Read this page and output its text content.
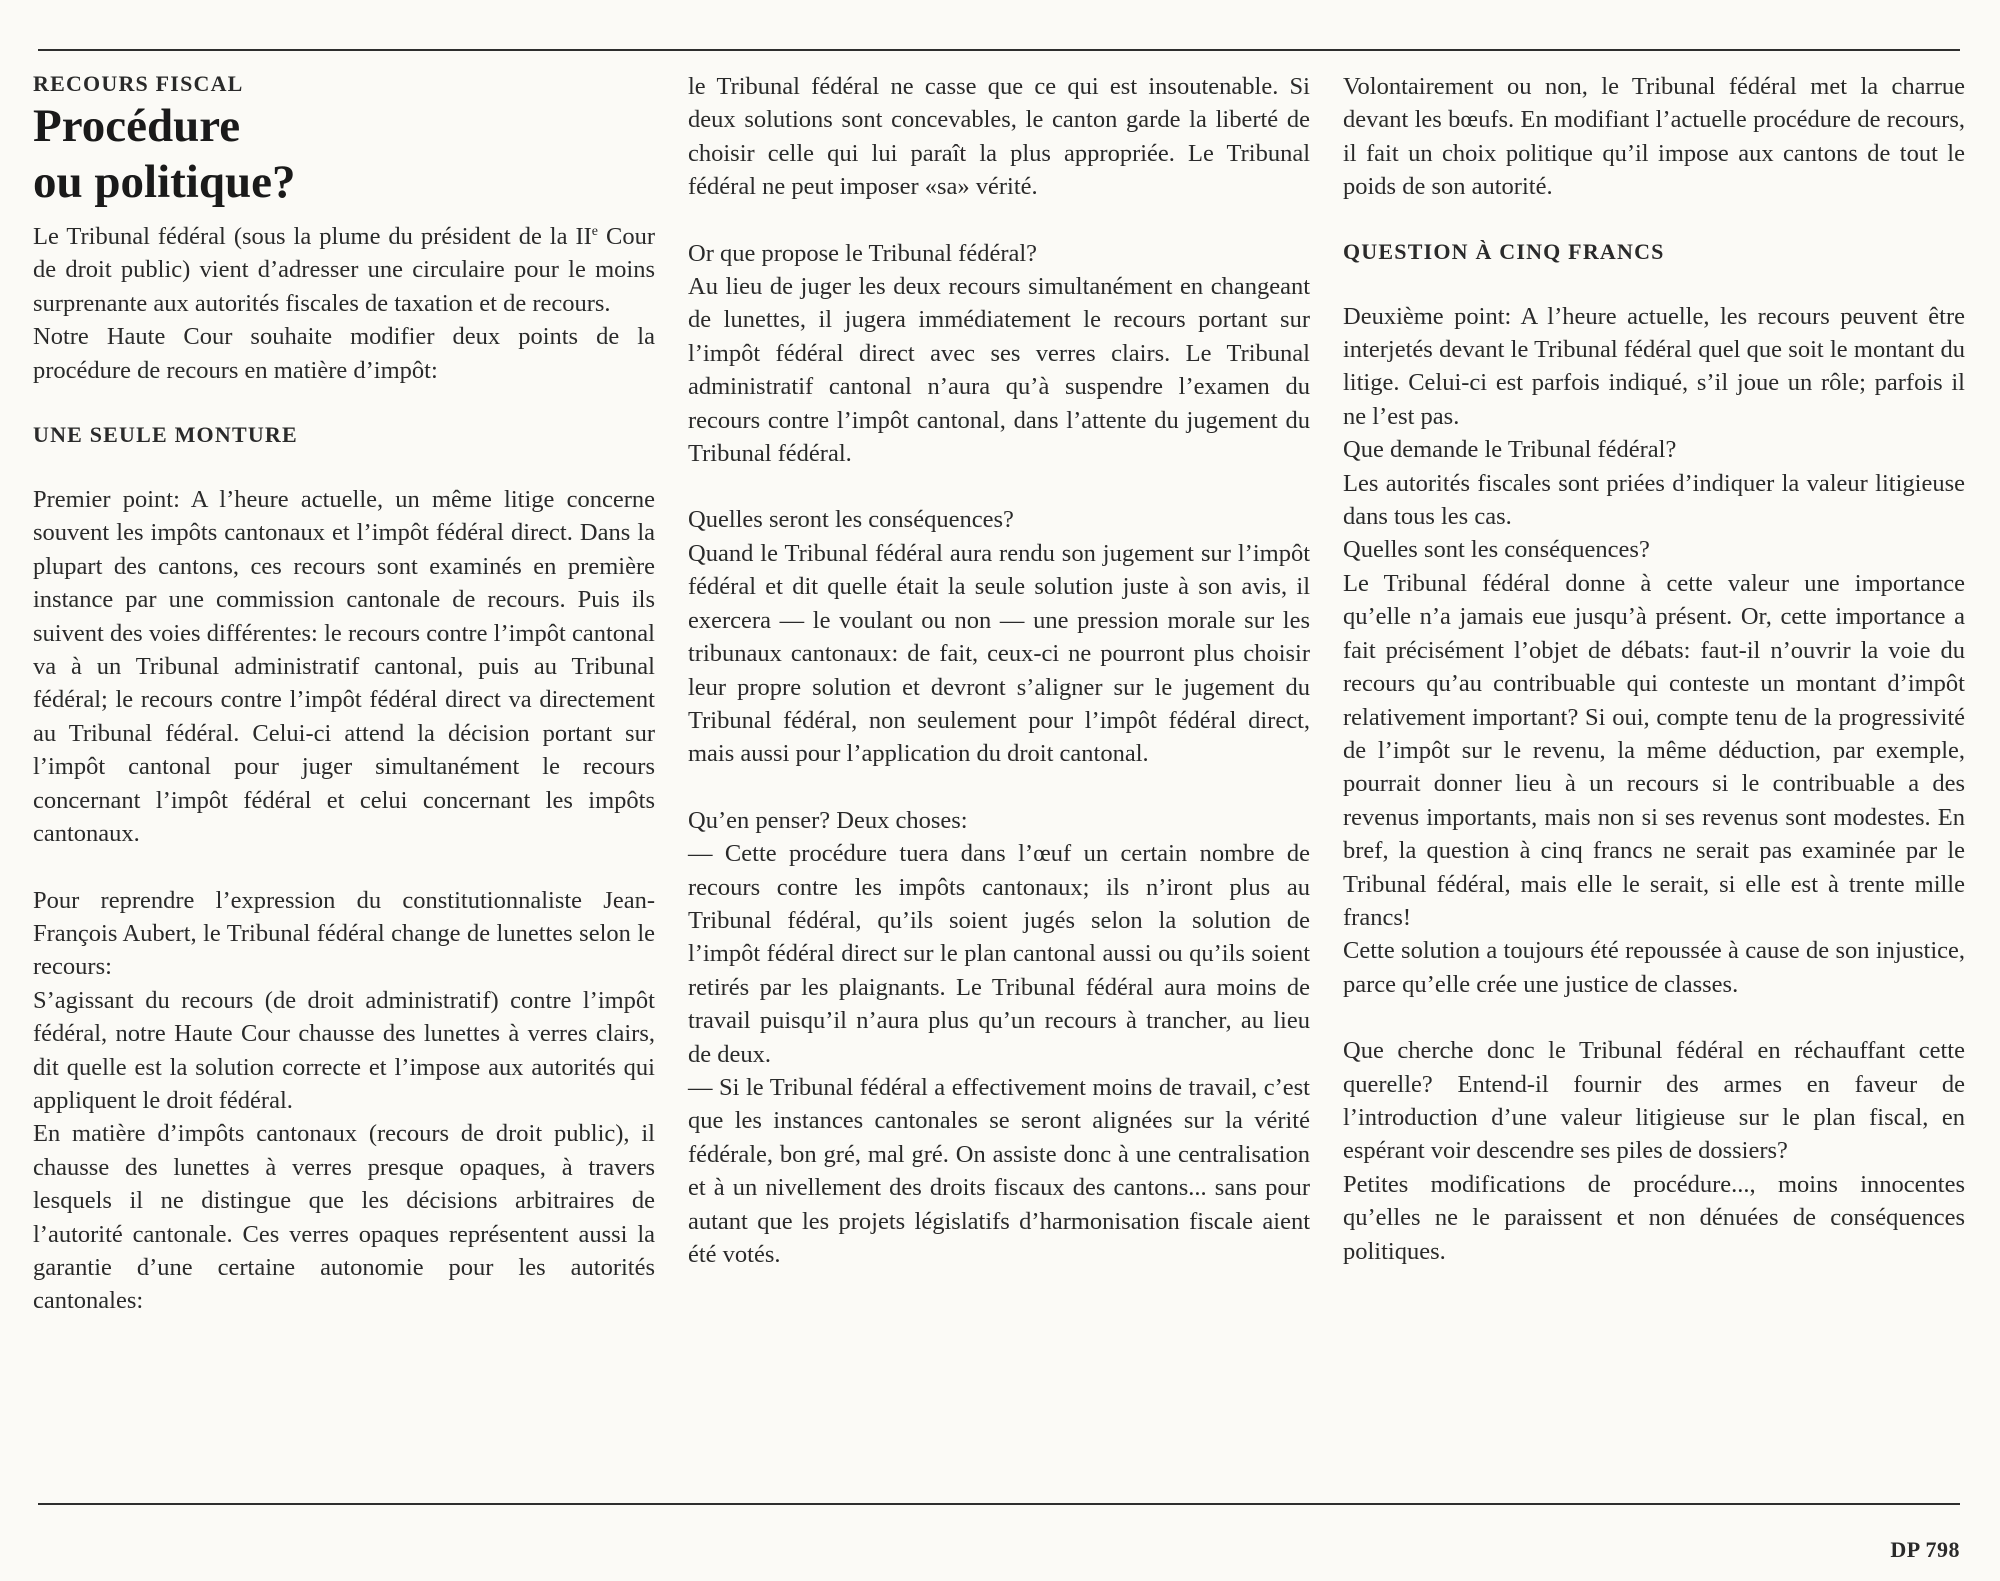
RECOURS FISCAL

Procédure
ou politique?

Le Tribunal fédéral (sous la plume du président de la IIe Cour de droit public) vient d’adresser une circulaire pour le moins surprenante aux autorités fiscales de taxation et de recours.

Notre Haute Cour souhaite modifier deux points de la procédure de recours en matière d’impôt:

UNE SEULE MONTURE

Premier point: A l’heure actuelle, un même litige concerne souvent les impôts cantonaux et l’impôt fédéral direct. Dans la plupart des cantons, ces recours sont examinés en première instance par une commission cantonale de recours. Puis ils suivent des voies différentes: le recours contre l’impôt cantonal va à un Tribunal administratif cantonal, puis au Tribunal fédéral; le recours contre l’impôt fédéral direct va directement au Tribunal fédéral. Celui-ci attend la décision portant sur l’impôt cantonal pour juger simultanément le recours concernant l’impôt fédéral et celui concernant les impôts cantonaux.

Pour reprendre l’expression du constitutionnaliste Jean-François Aubert, le Tribunal fédéral change de lunettes selon le recours:

S’agissant du recours (de droit administratif) contre l’impôt fédéral, notre Haute Cour chausse des lunettes à verres clairs, dit quelle est la solution correcte et l’impose aux autorités qui appliquent le droit fédéral.

En matière d’impôts cantonaux (recours de droit public), il chausse des lunettes à verres presque opaques, à travers lesquels il ne distingue que les décisions arbitraires de l’autorité cantonale. Ces verres opaques représentent aussi la garantie d’une certaine autonomie pour les autorités cantonales:

le Tribunal fédéral ne casse que ce qui est insoutenable. Si deux solutions sont concevables, le canton garde la liberté de choisir celle qui lui paraît la plus appropriée. Le Tribunal fédéral ne peut imposer «sa» vérité.

Or que propose le Tribunal fédéral?

Au lieu de juger les deux recours simultanément en changeant de lunettes, il jugera immédiatement le recours portant sur l’impôt fédéral direct avec ses verres clairs. Le Tribunal administratif cantonal n’aura qu’à suspendre l’examen du recours contre l’impôt cantonal, dans l’attente du jugement du Tribunal fédéral.

Quelles seront les conséquences?

Quand le Tribunal fédéral aura rendu son jugement sur l’impôt fédéral et dit quelle était la seule solution juste à son avis, il exercera — le voulant ou non — une pression morale sur les tribunaux cantonaux: de fait, ceux-ci ne pourront plus choisir leur propre solution et devront s’aligner sur le jugement du Tribunal fédéral, non seulement pour l’impôt fédéral direct, mais aussi pour l’application du droit cantonal.

Qu’en penser? Deux choses:

— Cette procédure tuera dans l’œuf un certain nombre de recours contre les impôts cantonaux; ils n’iront plus au Tribunal fédéral, qu’ils soient jugés selon la solution de l’impôt fédéral direct sur le plan cantonal aussi ou qu’ils soient retirés par les plaignants. Le Tribunal fédéral aura moins de travail puisqu’il n’aura plus qu’un recours à trancher, au lieu de deux.

— Si le Tribunal fédéral a effectivement moins de travail, c’est que les instances cantonales se seront alignées sur la vérité fédérale, bon gré, mal gré. On assiste donc à une centralisation et à un nivellement des droits fiscaux des cantons... sans pour autant que les projets législatifs d’harmonisation fiscale aient été votés.

Volontairement ou non, le Tribunal fédéral met la charrue devant les bœufs. En modifiant l’actuelle procédure de recours, il fait un choix politique qu’il impose aux cantons de tout le poids de son autorité.

QUESTION À CINQ FRANCS

Deuxième point: A l’heure actuelle, les recours peuvent être interjetés devant le Tribunal fédéral quel que soit le montant du litige. Celui-ci est parfois indiqué, s’il joue un rôle; parfois il ne l’est pas.

Que demande le Tribunal fédéral?

Les autorités fiscales sont priées d’indiquer la valeur litigieuse dans tous les cas.

Quelles sont les conséquences?

Le Tribunal fédéral donne à cette valeur une importance qu’elle n’a jamais eue jusqu’à présent. Or, cette importance a fait précisément l’objet de débats: faut-il n’ouvrir la voie du recours qu’au contribuable qui conteste un montant d’impôt relativement important? Si oui, compte tenu de la progressivité de l’impôt sur le revenu, la même déduction, par exemple, pourrait donner lieu à un recours si le contribuable a des revenus importants, mais non si ses revenus sont modestes. En bref, la question à cinq francs ne serait pas examinée par le Tribunal fédéral, mais elle le serait, si elle est à trente mille francs!

Cette solution a toujours été repoussée à cause de son injustice, parce qu’elle crée une justice de classes.

Que cherche donc le Tribunal fédéral en réchauffant cette querelle? Entend-il fournir des armes en faveur de l’introduction d’une valeur litigieuse sur le plan fiscal, en espérant voir descendre ses piles de dossiers?

Petites modifications de procédure..., moins innocentes qu’elles ne le paraissent et non dénuées de conséquences politiques.

DP 798
